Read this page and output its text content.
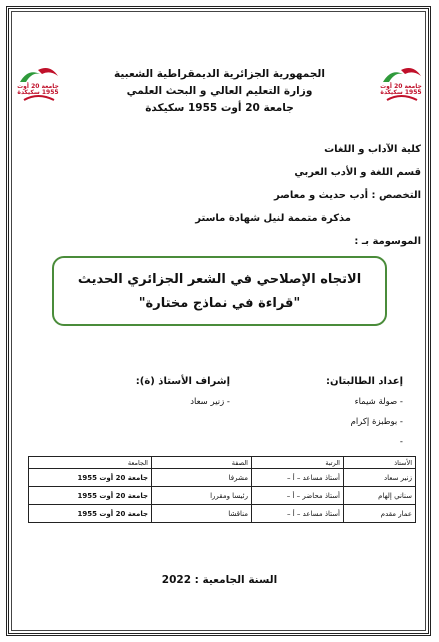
جامعة 20 أوت 1955 سكيكدة
جامعة 20 أوت 1955 سكيكدة
الجمهورية الجزائرية الديمقراطية الشعبية
وزارة التعليم العالي و البحث العلمي
جامعة 20 أوت 1955 سكيكدة
كلية الآداب و اللغات
قسم اللغة و الأدب العربي
التخصص : أدب حديث و معاصر
مذكرة متممة لنيل شهادة ماستر
الموسومة بـ :
الاتجاه الإصلاحي في الشعر الجزائري الحديث
"قراءة في نماذج مختارة"
إعداد الطالبتان:
- صولة شيماء
- بوطبزة إكرام
-
إشراف الأستاذ (ة):
- زنير سعاد
الأستاذ	الرتبة	الصفة	الجامعة
زنير سعاد	أستاذ مساعد – أ –	مشرفا	جامعة 20 أوت 1955
سناني إلهام	أستاذ محاضر – أ –	رئيسا ومقررا	جامعة 20 أوت 1955
عمار مقدم	أستاذ مساعد – أ –	مناقشا	جامعة 20 أوت 1955
السنة الجامعية : 2022
